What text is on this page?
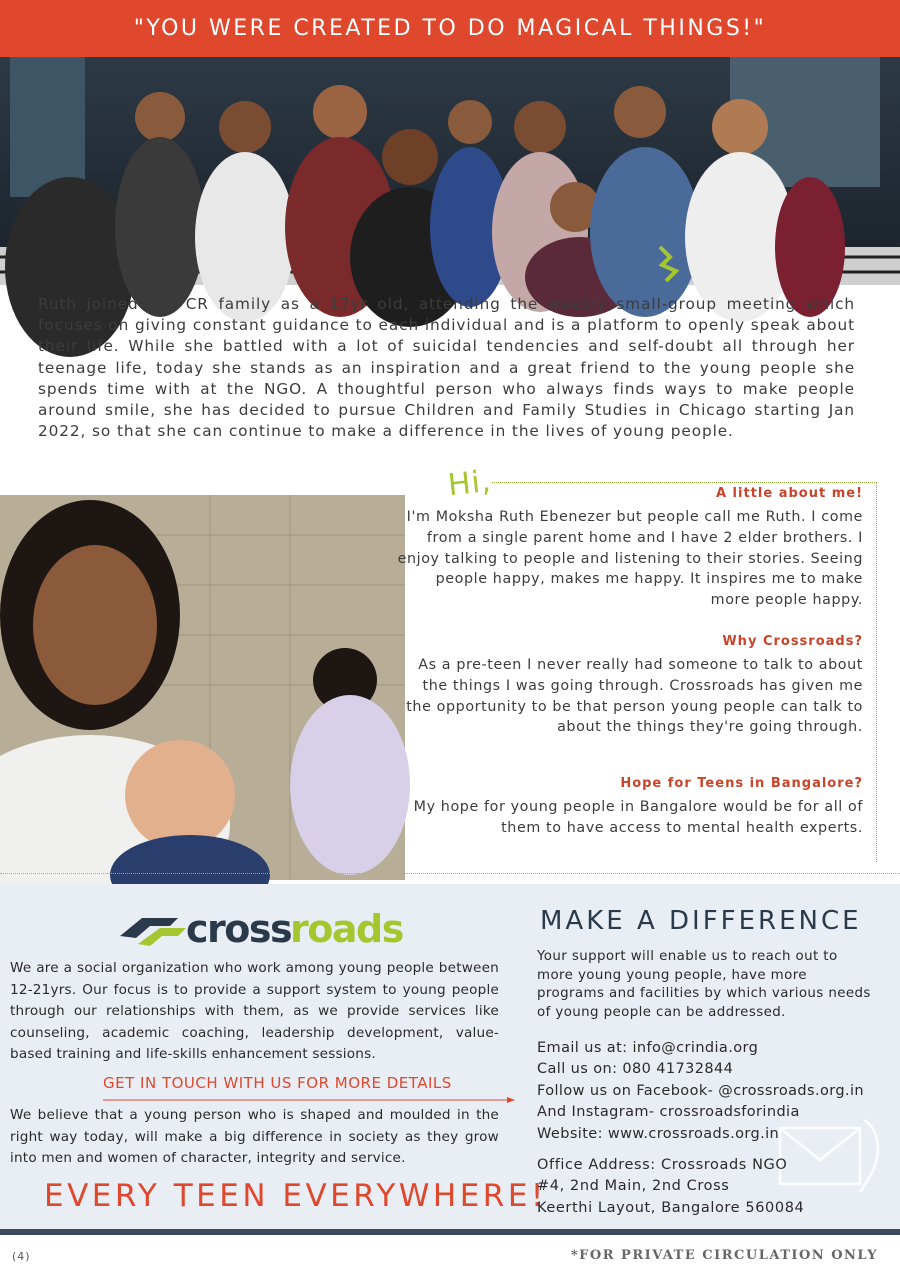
"YOU WERE CREATED TO DO MAGICAL THINGS!"

Ruth joined the CR family as a 17yr old, attending the weekly small-group meeting which focuses on giving constant guidance to each individual and is a platform to openly speak about their life. While she battled with a lot of suicidal tendencies and self-doubt all through her teenage life, today she stands as an inspiration and a great friend to the young people she spends time with at the NGO. A thoughtful person who always finds ways to make people around smile, she has decided to pursue Children and Family Studies in Chicago starting Jan 2022, so that she can continue to make a difference in the lives of young people.

Hi,	A little about me!
I'm Moksha Ruth Ebenezer but people call me Ruth. I come from a single parent home and I have 2 elder brothers. I enjoy talking to people and listening to their stories. Seeing people happy, makes me happy. It inspires me to make more people happy.
Why Crossroads?
As a pre-teen I never really had someone to talk to about the things I was going through. Crossroads has given me the opportunity to be that person young people can talk to about the things they're going through.
Hope for Teens in Bangalore?
My hope for young people in Bangalore would be for all of them to have access to mental health experts.
cross
roads

We are a social organization who work among young people between 12-21yrs. Our focus is to provide a support system to young people through our relationships with them, as we provide services like counseling, academic coaching, leadership development, value-based training and life-skills enhancement sessions.

GET IN TOUCH WITH US FOR MORE DETAILS

We believe that a young person who is shaped and moulded in the right way today, will make a big difference in society as they grow into men and women of character, integrity and service.

EVERY TEEN EVERYWHERE!
MAKE A DIFFERENCE

Your support will enable us to reach out to more young young people, have more programs and facilities by which various needs of young people can be addressed.

Email us at: info@crindia.org
Call us on: 080 41732844
Follow us on Facebook- @crossroads.org.in
And Instagram- crossroadsforindia
Website: www.crossroads.org.in
Office Address: Crossroads NGO
#4, 2nd Main, 2nd Cross
Keerthi Layout, Bangalore 560084
(4)	*FOR PRIVATE CIRCULATION ONLY
